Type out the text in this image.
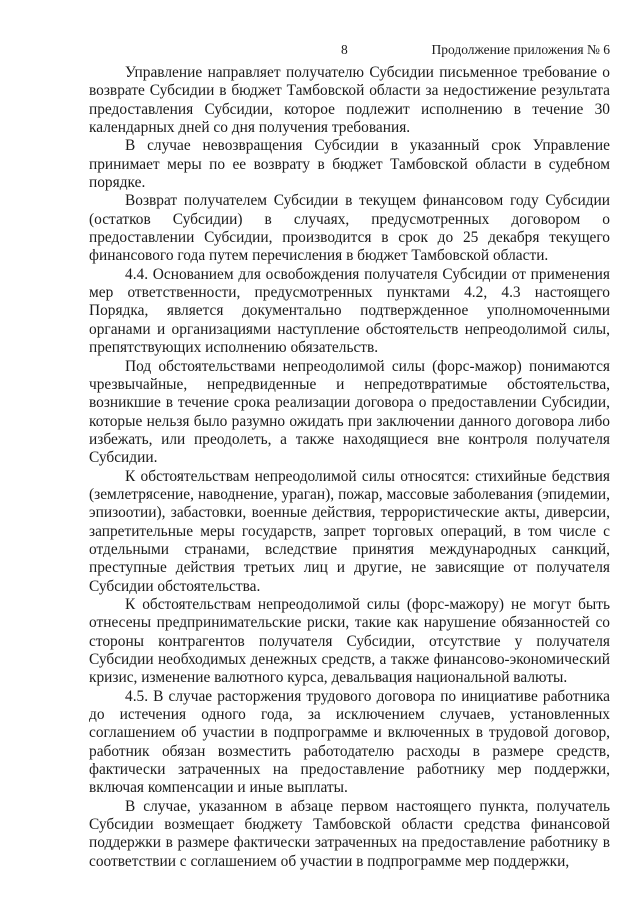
8	Продолжение приложения № 6

Управление направляет получателю Субсидии письменное требование о возврате Субсидии в бюджет Тамбовской области за недостижение результата предоставления Субсидии, которое подлежит исполнению в течение 30 календарных дней со дня получения требования.

В случае невозвращения Субсидии в указанный срок Управление принимает меры по ее возврату в бюджет Тамбовской области в судебном порядке.

Возврат получателем Субсидии в текущем финансовом году Субсидии (остатков Субсидии) в случаях, предусмотренных договором о предоставлении Субсидии, производится в срок до 25 декабря текущего финансового года путем перечисления в бюджет Тамбовской области.

4.4. Основанием для освобождения получателя Субсидии от применения мер ответственности, предусмотренных пунктами 4.2, 4.3 настоящего Порядка, является документально подтвержденное уполномоченными органами и организациями наступление обстоятельств непреодолимой силы, препятствующих исполнению обязательств.

Под обстоятельствами непреодолимой силы (форс-мажор) понимаются чрезвычайные, непредвиденные и непредотвратимые обстоятельства, возникшие в течение срока реализации договора о предоставлении Субсидии, которые нельзя было разумно ожидать при заключении данного договора либо избежать, или преодолеть, а также находящиеся вне контроля получателя Субсидии.

К обстоятельствам непреодолимой силы относятся: стихийные бедствия (землетрясение, наводнение, ураган), пожар, массовые заболевания (эпидемии, эпизоотии), забастовки, военные действия, террористические акты, диверсии, запретительные меры государств, запрет торговых операций, в том числе с отдельными странами, вследствие принятия международных санкций, преступные действия третьих лиц и другие, не зависящие от получателя Субсидии обстоятельства.

К обстоятельствам непреодолимой силы (форс-мажору) не могут быть отнесены предпринимательские риски, такие как нарушение обязанностей со стороны контрагентов получателя Субсидии, отсутствие у получателя Субсидии необходимых денежных средств, а также финансово-экономический кризис, изменение валютного курса, девальвация национальной валюты.

4.5. В случае расторжения трудового договора по инициативе работника до истечения одного года, за исключением случаев, установленных соглашением об участии в подпрограмме и включенных в трудовой договор, работник обязан возместить работодателю расходы в размере средств, фактически затраченных на предоставление работнику мер поддержки, включая компенсации и иные выплаты.

В случае, указанном в абзаце первом настоящего пункта, получатель Субсидии возмещает бюджету Тамбовской области средства финансовой поддержки в размере фактически затраченных на предоставление работнику в соответствии с соглашением об участии в подпрограмме мер поддержки,
